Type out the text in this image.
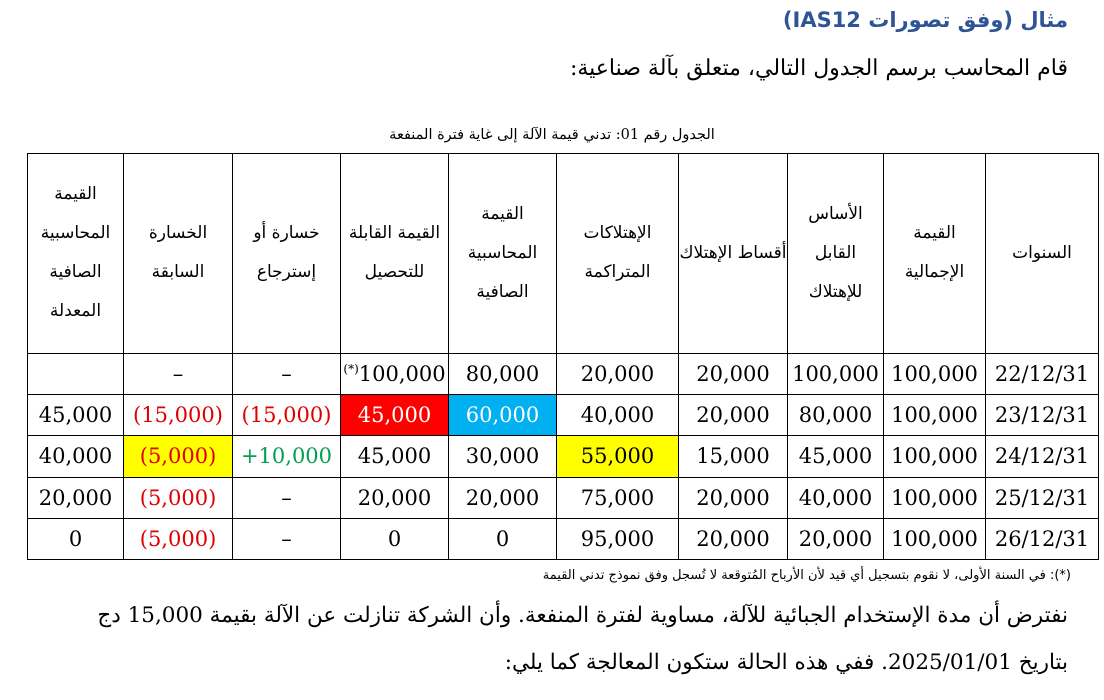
مثال (وفق تصورات IAS12)
قام المحاسب برسم الجدول التالي، متعلق بآلة صناعية:
الجدول رقم 01: تدني قيمة الآلة إلى غاية فترة المنفعة
السنوات	القيمة الإجمالية	الأساس القابل للإهتلاك	أقساط الإهتلاك	الإهتلاكات المتراكمة	القيمة المحاسبية الصافية	القيمة القابلة للتحصيل	خسارة أو إسترجاع	الخسارة السابقة	القيمة المحاسبية الصافية المعدلة
22/12/31	100,000	100,000	20,000	20,000	80,000	100,000(*)	–	–	
23/12/31	100,000	80,000	20,000	40,000	60,000	45,000	(15,000)	(15,000)	45,000
24/12/31	100,000	45,000	15,000	55,000	30,000	45,000	+10,000	(5,000)	40,000
25/12/31	100,000	40,000	20,000	75,000	20,000	20,000	–	(5,000)	20,000
26/12/31	100,000	20,000	20,000	95,000	0	0	–	(5,000)	0
(*): في السنة الأولى، لا نقوم بتسجيل أي قيد لأن الأرباح المُتوقعة لا تُسجل وفق نموذج تدني القيمة
نفترض أن مدة الإستخدام الجبائية للآلة، مساوية لفترة المنفعة. وأن الشركة تنازلت عن الآلة بقيمة 15,000 دج
بتاريخ 2025/01/01. ففي هذه الحالة ستكون المعالجة كما يلي:
